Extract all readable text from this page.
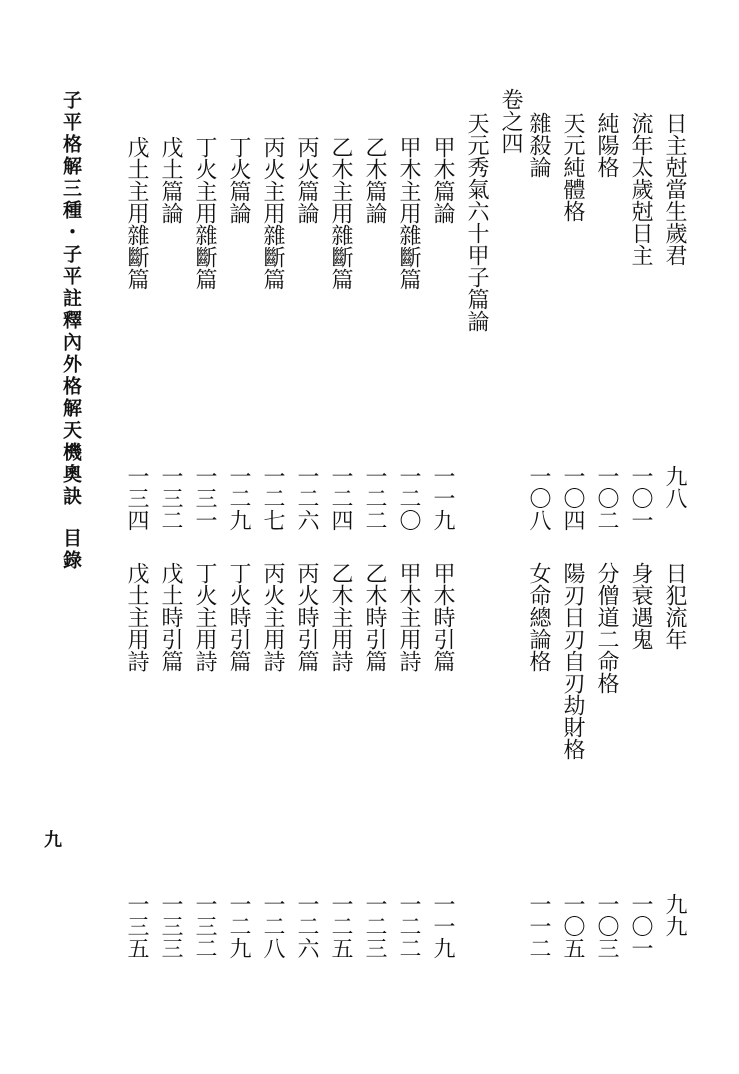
子平格解三種・子平註釋內外格解天機奧訣
目錄
九
日主尅當生歲君
流年太歲尅日主
純陽格
天元純體格
雜殺論
卷之四
天元秀氣六十甲子篇論
甲木篇論
甲木主用雜斷篇
乙木篇論
乙木主用雜斷篇
丙火篇論
丙火主用雜斷篇
丁火篇論
丁火主用雜斷篇
戊土篇論
戊土主用雜斷篇
九八
一〇一
一〇二
一〇四
一〇八
一一九
一二〇
一二二
一二四
一二六
一二七
一二九
一三一
一三二
一三四
日犯流年
身衰遇鬼
分僧道二命格
陽刃日刃自刃劫財格
女命總論格
甲木時引篇
甲木主用詩
乙木時引篇
乙木主用詩
丙火時引篇
丙火主用詩
丁火時引篇
丁火主用詩
戊土時引篇
戊土主用詩
九九
一〇一
一〇三
一〇五
一一二
一一九
一二二
一二三
一二五
一二六
一二八
一二九
一三二
一三三
一三五
